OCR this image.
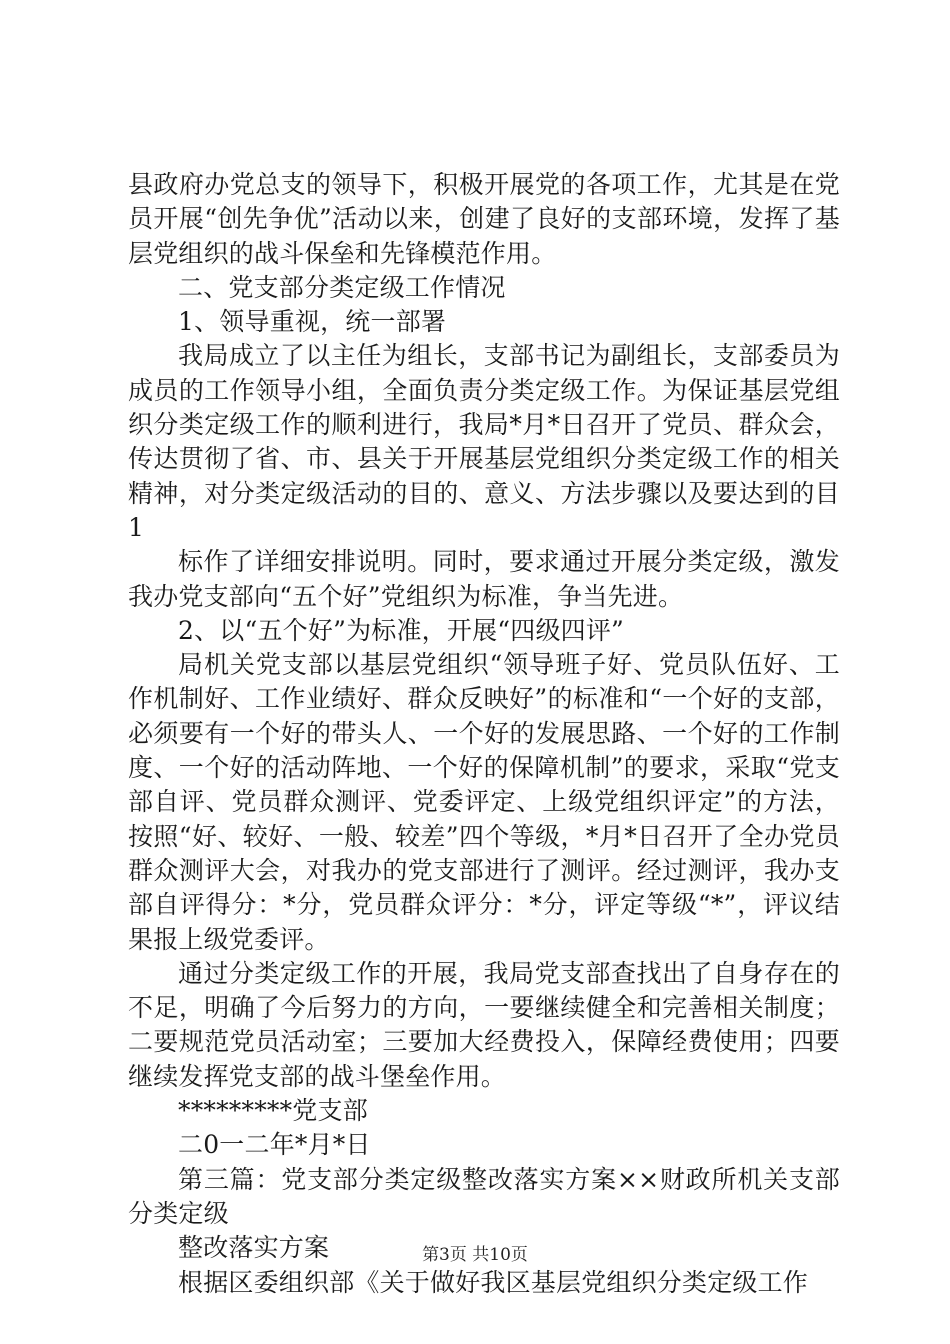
县政府办党总支的领导下，积极开展党的各项工作，尤其是在党员开展“创先争优”活动以来，创建了良好的支部环境，发挥了基层党组织的战斗保垒和先锋模范作用。

二、党支部分类定级工作情况

1、领导重视，统一部署

我局成立了以主任为组长，支部书记为副组长，支部委员为成员的工作领导小组，全面负责分类定级工作。为保证基层党组织分类定级工作的顺利进行，我局*月*日召开了党员、群众会，传达贯彻了省、市、县关于开展基层党组织分类定级工作的相关精神，对分类定级活动的目的、意义、方法步骤以及要达到的目1

标作了详细安排说明。同时，要求通过开展分类定级，激发我办党支部向“五个好”党组织为标准，争当先进。

2、以“五个好”为标准，开展“四级四评”

局机关党支部以基层党组织“领导班子好、党员队伍好、工作机制好、工作业绩好、群众反映好”的标准和“一个好的支部，必须要有一个好的带头人、一个好的发展思路、一个好的工作制度、一个好的活动阵地、一个好的保障机制”的要求，采取“党支部自评、党员群众测评、党委评定、上级党组织评定”的方法，按照“好、较好、一般、较差”四个等级，*月*日召开了全办党员群众测评大会，对我办的党支部进行了测评。经过测评，我办支部自评得分：*分，党员群众评分：*分，评定等级“*”，评议结果报上级党委评。

通过分类定级工作的开展，我局党支部查找出了自身存在的不足，明确了今后努力的方向，一要继续健全和完善相关制度；二要规范党员活动室；三要加大经费投入，保障经费使用；四要继续发挥党支部的战斗堡垒作用。

*********党支部

二0一二年*月*日

第三篇：党支部分类定级整改落实方案××财政所机关支部分类定级

整改落实方案

根据区委组织部《关于做好我区基层党组织分类定级工作

第3页 共10页
